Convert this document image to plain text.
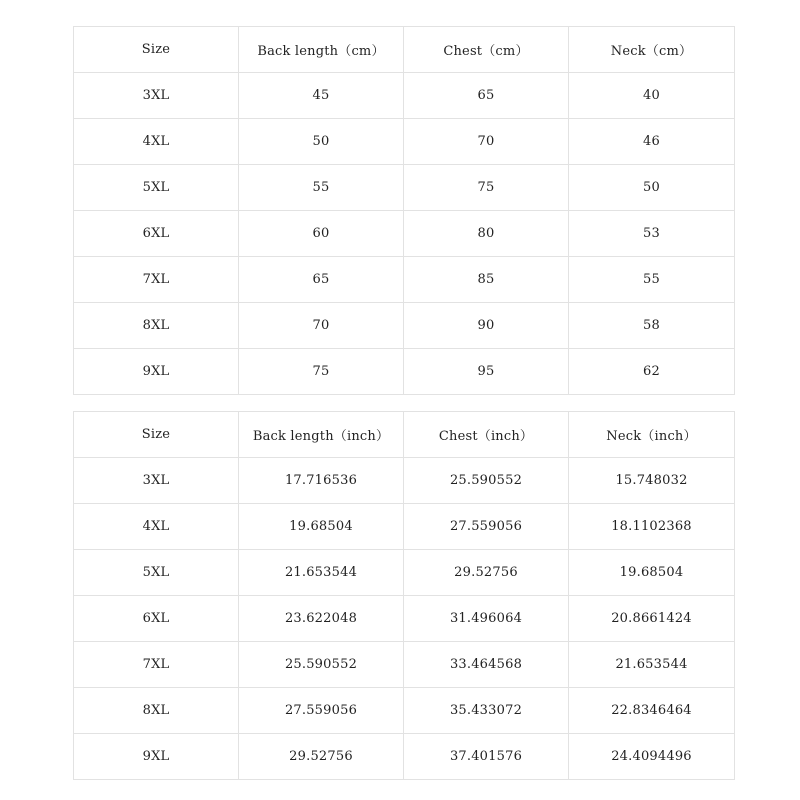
Size	Back length（cm）	Chest（cm）	Neck（cm）
3XL	45	65	40
4XL	50	70	46
5XL	55	75	50
6XL	60	80	53
7XL	65	85	55
8XL	70	90	58
9XL	75	95	62
Size	Back length（inch）	Chest（inch）	Neck（inch）
3XL	17.716536	25.590552	15.748032
4XL	19.68504	27.559056	18.1102368
5XL	21.653544	29.52756	19.68504
6XL	23.622048	31.496064	20.8661424
7XL	25.590552	33.464568	21.653544
8XL	27.559056	35.433072	22.8346464
9XL	29.52756	37.401576	24.4094496
